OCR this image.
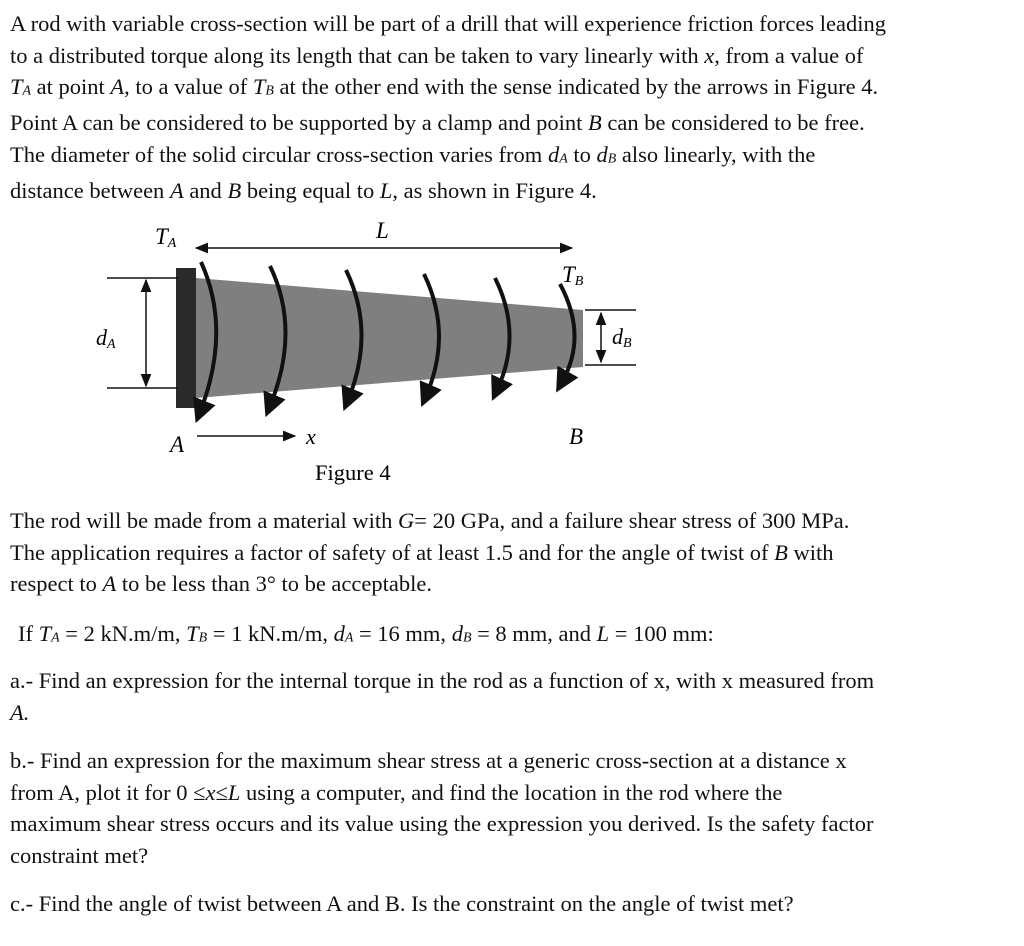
A rod with variable cross-section will be part of a drill that will experience friction forces leading

to a distributed torque along its length that can be taken to vary linearly with x, from a value of

$T_A$ at point A, to a value of $T_B$ at the other end with the sense indicated by the arrows in Figure 4.

Point A can be considered to be supported by a clamp and point B can be considered to be free.

The diameter of the solid circular cross-section varies from $d_A$ to $d_B$ also linearly, with the

distance between A and B being equal to L, as shown in Figure 4.

TA
L
dA	dB
TB
A	x	B
Figure 4

The rod will be made from a material with G= 20 GPa, and a failure shear stress of 300 MPa.

The application requires a factor of safety of at least 1.5 and for the angle of twist of B with

respect to A to be less than 3° to be acceptable.

If $T_A = 2$ kN.m/m, $T_B = 1$ kN.m/m, $d_A = 16$ mm, $d_B = 8$ mm, and L = 100 mm:

a.- Find an expression for the internal torque in the rod as a function of x, with x measured from

A.

b.- Find an expression for the maximum shear stress at a generic cross-section at a distance x

from A, plot it for 0 ≤x≤L using a computer, and find the location in the rod where the

maximum shear stress occurs and its value using the expression you derived. Is the safety factor

constraint met?

c.- Find the angle of twist between A and B. Is the constraint on the angle of twist met?
